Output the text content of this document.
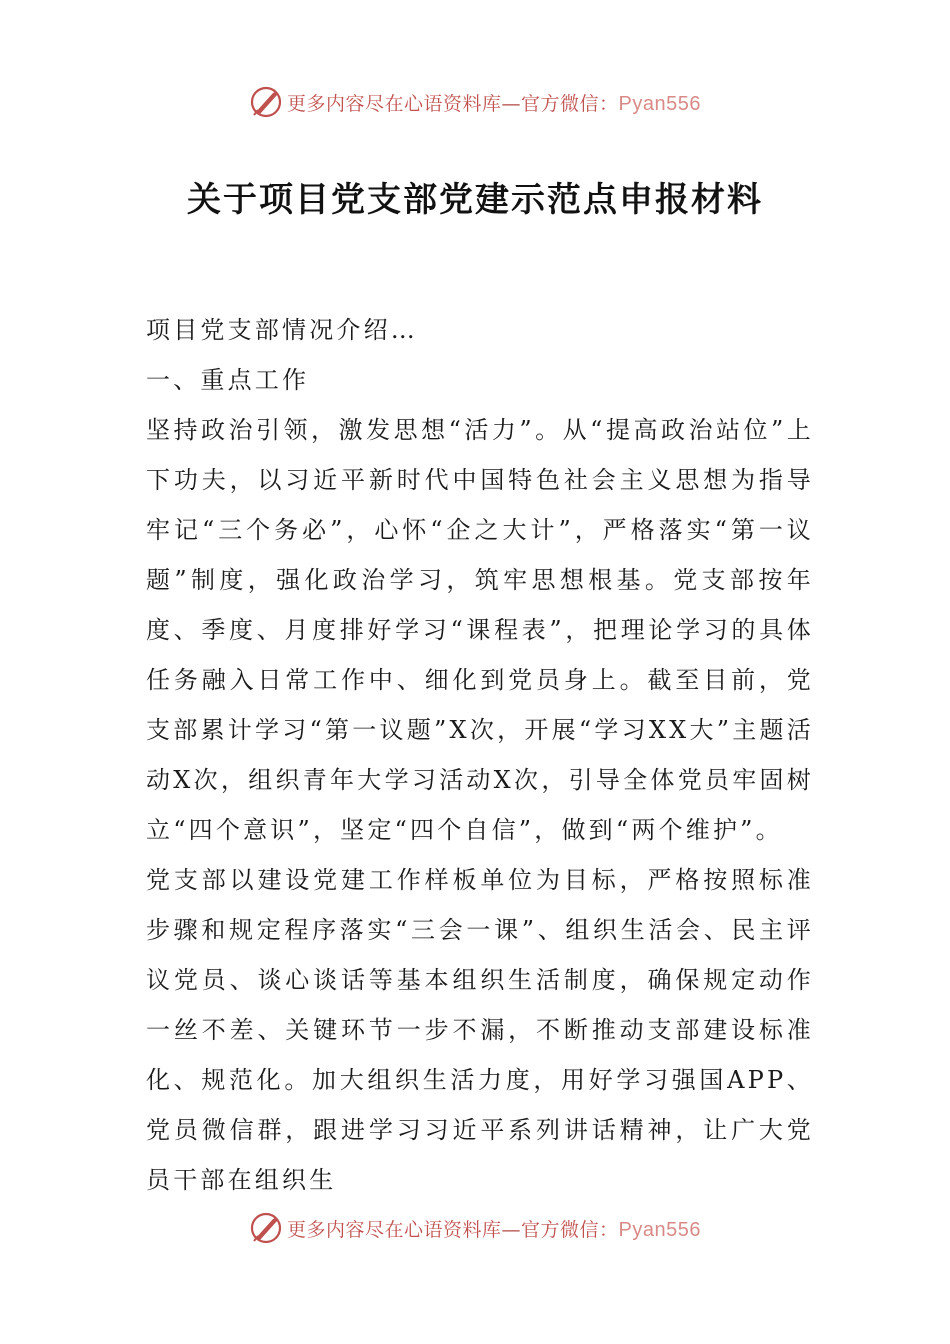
更多内容尽在心语资料库—官方微信：Pyan556
关于项目党支部党建示范点申报材料

项目党支部情况介绍…

一、重点工作

坚持政治引领，激发思想“活力”。从“提高政治站位”上下功夫，以习近平新时代中国特色社会主义思想为指导牢记“三个务必”，心怀“企之大计”，严格落实“第一议题”制度，强化政治学习，筑牢思想根基。党支部按年度、季度、月度排好学习“课程表”，把理论学习的具体任务融入日常工作中、细化到党员身上。截至目前，党支部累计学习“第一议题”X次，开展“学习XX大”主题活动X次，组织青年大学习活动X次，引导全体党员牢固树立“四个意识”，坚定“四个自信”，做到“两个维护”。

党支部以建设党建工作样板单位为目标，严格按照标准步骤和规定程序落实“三会一课”、组织生活会、民主评议党员、谈心谈话等基本组织生活制度，确保规定动作一丝不差、关键环节一步不漏，不断推动支部建设标准化、规范化。加大组织生活力度，用好学习强国APP、党员微信群，跟进学习习近平系列讲话精神，让广大党员干部在组织生

更多内容尽在心语资料库—官方微信：Pyan556
